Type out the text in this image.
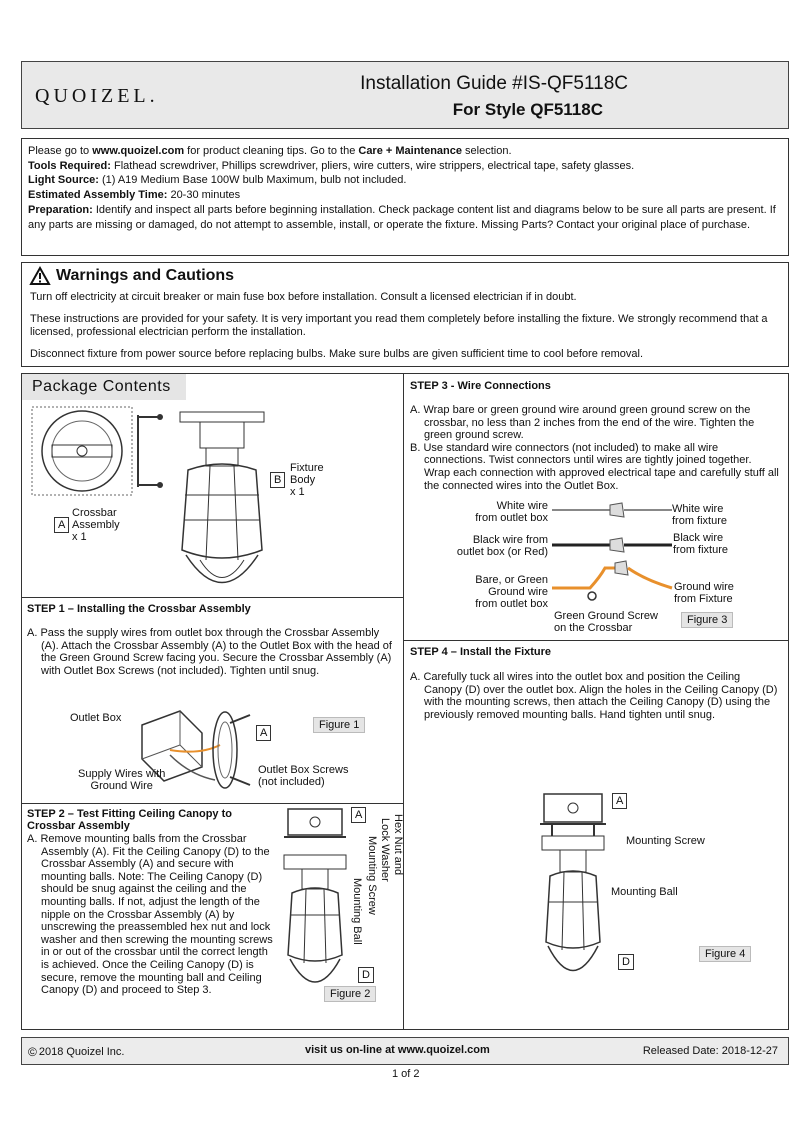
QUOIZEL.
Installation Guide #IS-QF5118C
For Style QF5118C

Please go to www.quoizel.com for product cleaning tips. Go to the Care + Maintenance selection.

Tools Required: Flathead screwdriver, Phillips screwdriver, pliers, wire cutters, wire strippers, electrical tape, safety glasses.

Light Source: (1) A19 Medium Base 100W bulb Maximum, bulb not included.

Estimated Assembly Time: 20-30 minutes

Preparation: Identify and inspect all parts before beginning installation. Check package content list and diagrams below to be sure all parts are present. If any parts are missing or damaged, do not attempt to assemble, install, or operate the fixture. Missing Parts? Contact your original place of purchase.

Warnings and Cautions

Turn off electricity at circuit breaker or main fuse box before installation. Consult a licensed electrician if in doubt.

These instructions are provided for your safety. It is very important you read them completely before installing the fixture. We strongly recommend that a licensed, professional electrician perform the installation.

Disconnect fixture from power source before replacing bulbs. Make sure bulbs are given sufficient time to cool before removal.

Package Contents
A
Crossbar
Assembly
x 1
B
Fixture
Body
x 1
STEP 1 – Installing the Crossbar Assembly

A. Pass the supply wires from outlet box through the Crossbar Assembly (A). Attach the Crossbar Assembly (A) to the Outlet Box with the head of the Green Ground Screw facing you. Secure the Crossbar Assembly (A) with Outlet Box Screws (not included). Tighten until snug.

Outlet Box
A
Supply Wires with
Ground Wire
Outlet Box Screws
(not included)
Figure 1
STEP 2 – Test Fitting Ceiling Canopy to
Crossbar Assembly

A. Remove mounting balls from the Crossbar Assembly (A). Fit the Ceiling Canopy (D) to the Crossbar Assembly (A) and secure with mounting balls. Note: The Ceiling Canopy (D) should be snug against the ceiling and the mounting balls. If not, adjust the length of the nipple on the Crossbar Assembly (A) by unscrewing the preassembled hex nut and lock washer and then screwing the mounting screws in or out of the crossbar until the correct length is achieved. Once the Ceiling Canopy (D) is secure, remove the mounting ball and Ceiling Canopy (D) and proceed to Step 3.

A
D
Hex Nut and
Lock Washer
Mounting Screw
Mounting Ball
Figure 2
STEP 3 - Wire Connections

A. Wrap bare or green ground wire around green ground screw on the crossbar, no less than 2 inches from the end of the wire. Tighten the green ground screw.

B. Use standard wire connectors (not included) to make all wire connections. Twist connectors until wires are tightly joined together. Wrap each connection with approved electrical tape and carefully stuff all the connected wires into the Outlet Box.

White wire
from outlet box
White wire
from fixture
Black wire from
outlet box (or Red)
Black wire
from fixture
Bare, or Green
Ground wire
from outlet box
Ground wire
from Fixture
Green Ground Screw
on the Crossbar
Figure 3
STEP 4 – Install the Fixture

A. Carefully tuck all wires into the outlet box and position the Ceiling Canopy (D) over the outlet box. Align the holes in the Ceiling Canopy (D) with the mounting screws, then attach the Ceiling Canopy (D) using the previously removed mounting balls. Hand tighten until snug.

A
D
Mounting Screw
Mounting Ball
Figure 4
© 2018 Quoizel Inc.	visit us on-line at www.quoizel.com	Released Date: 2018-12-27
1 of 2
